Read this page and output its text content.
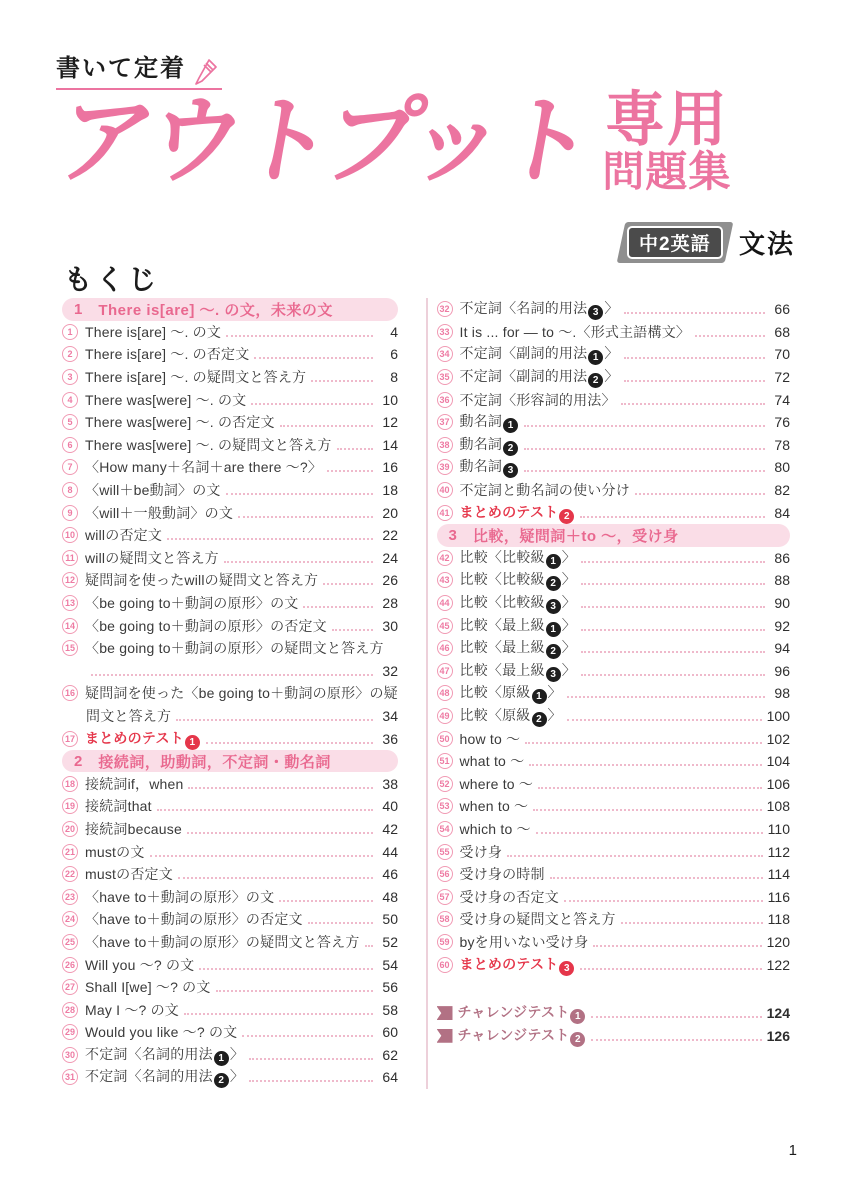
書いて定着
アウトプット 専用
問題集
中2英語	文法
もくじ
1 There is[are] ～. の文，未来の文
1 There is[are] ～. の文	4
2 There is[are] ～. の否定文	6
3 There is[are] ～. の疑問文と答え方	8
4 There was[were] ～. の文	10
5 There was[were] ～. の否定文	12
6 There was[were] ～. の疑問文と答え方	14
7 〈How many＋名詞＋are there ～?〉	16
8 〈will＋be動詞〉の文	18
9 〈will＋一般動詞〉の文	20
10 willの否定文	22
11 willの疑問文と答え方	24
12 疑問詞を使ったwillの疑問文と答え方	26
13 〈be going to＋動詞の原形〉の文	28
14 〈be going to＋動詞の原形〉の否定文	30
15 〈be going to＋動詞の原形〉の疑問文と答え方
32
16 疑問詞を使った〈be going to＋動詞の原形〉の疑
問文と答え方	34
17 まとめのテスト 1	36
2 接続詞，助動詞，不定詞・動名詞
18 接続詞if，when	38
19 接続詞that	40
20 接続詞because	42
21 mustの文	44
22 mustの否定文	46
23 〈have to＋動詞の原形〉の文	48
24 〈have to＋動詞の原形〉の否定文	50
25 〈have to＋動詞の原形〉の疑問文と答え方	52
26 Will you ～? の文	54
27 Shall I[we] ～? の文	56
28 May I ～? の文	58
29 Would you like ～? の文	60
30 不定詞〈名詞的用法 1 〉	62
31 不定詞〈名詞的用法 2 〉	64
32 不定詞〈名詞的用法 3 〉	66
33 It is ... for — to ～.〈形式主語構文〉	68
34 不定詞〈副詞的用法 1 〉	70
35 不定詞〈副詞的用法 2 〉	72
36 不定詞〈形容詞的用法〉	74
37 動名詞 1	76
38 動名詞 2	78
39 動名詞 3	80
40 不定詞と動名詞の使い分け	82
41 まとめのテスト 2	84
3 比較，疑問詞＋to ～，受け身
42 比較〈比較級 1 〉	86
43 比較〈比較級 2 〉	88
44 比較〈比較級 3 〉	90
45 比較〈最上級 1 〉	92
46 比較〈最上級 2 〉	94
47 比較〈最上級 3 〉	96
48 比較〈原級 1 〉	98
49 比較〈原級 2 〉	100
50 how to ～	102
51 what to ～	104
52 where to ～	106
53 when to ～	108
54 which to ～	110
55 受け身	112
56 受け身の時制	114
57 受け身の否定文	116
58 受け身の疑問文と答え方	118
59 byを用いない受け身	120
60 まとめのテスト 3	122
チャレンジテスト 1	124
チャレンジテスト 2	126
1
